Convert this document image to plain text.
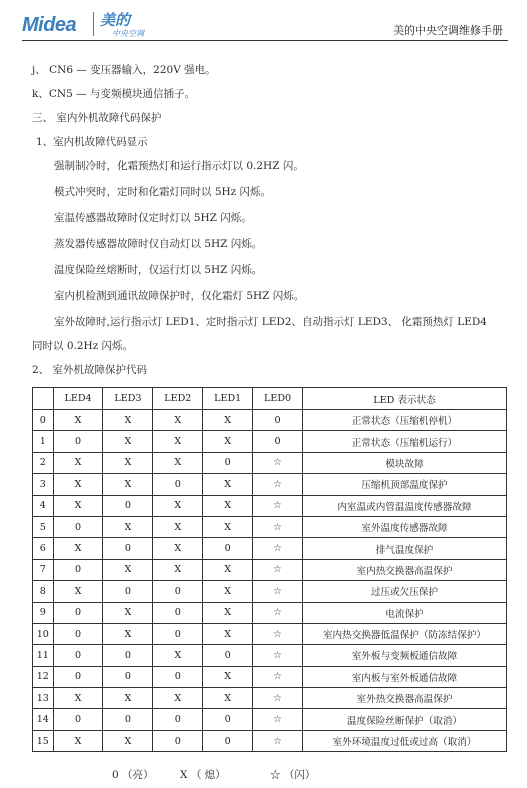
Midea 美的
中央空调	美的中央空调维修手册
j、 CN6 — 变压器输入，220V 强电。
k、CN5 — 与变频模块通信插子。
三、 室内外机故障代码保护
1、室内机故障代码显示
强制制冷时，化霜预热灯和运行指示灯以 0.2HZ 闪。
模式冲突时，定时和化霜灯同时以 5Hz 闪烁。
室温传感器故障时仅定时灯以 5HZ 闪烁。
蒸发器传感器故障时仅自动灯以 5HZ 闪烁。
温度保险丝熔断时，仅运行灯以 5HZ 闪烁。
室内机检测到通讯故障保护时，仅化霜灯 5HZ 闪烁。
室外故障时,运行指示灯 LED1、定时指示灯 LED2、自动指示灯 LED3、 化霜预热灯 LED4
同时以 0.2Hz 闪烁。
2、 室外机故障保护代码
	LED4	LED3	LED2	LED1	LED0	LED 表示状态
0	X	X	X	X	0	正常状态（压缩机停机）
1	0	X	X	X	0	正常状态（压缩机运行）
2	X	X	X	0	☆	模块故障
3	X	X	0	X	☆	压缩机顶部温度保护
4	X	0	X	X	☆	内室温或内管温温度传感器故障
5	0	X	X	X	☆	室外温度传感器故障
6	X	0	X	0	☆	排气温度保护
7	0	X	X	X	☆	室内热交换器高温保护
8	X	0	0	X	☆	过压或欠压保护
9	0	X	0	X	☆	电流保护
10	0	X	0	X	☆	室内热交换器低温保护（防冻结保护）
11	0	0	X	0	☆	室外板与变频板通信故障
12	0	0	0	X	☆	室内板与室外板通信故障
13	X	X	X	X	☆	室外热交换器高温保护
14	0	0	0	0	☆	温度保险丝断保护（取消）
15	X	X	0	0	☆	室外环境温度过低或过高（取消）
0 （亮）	X （ 熄）	☆ （闪）
